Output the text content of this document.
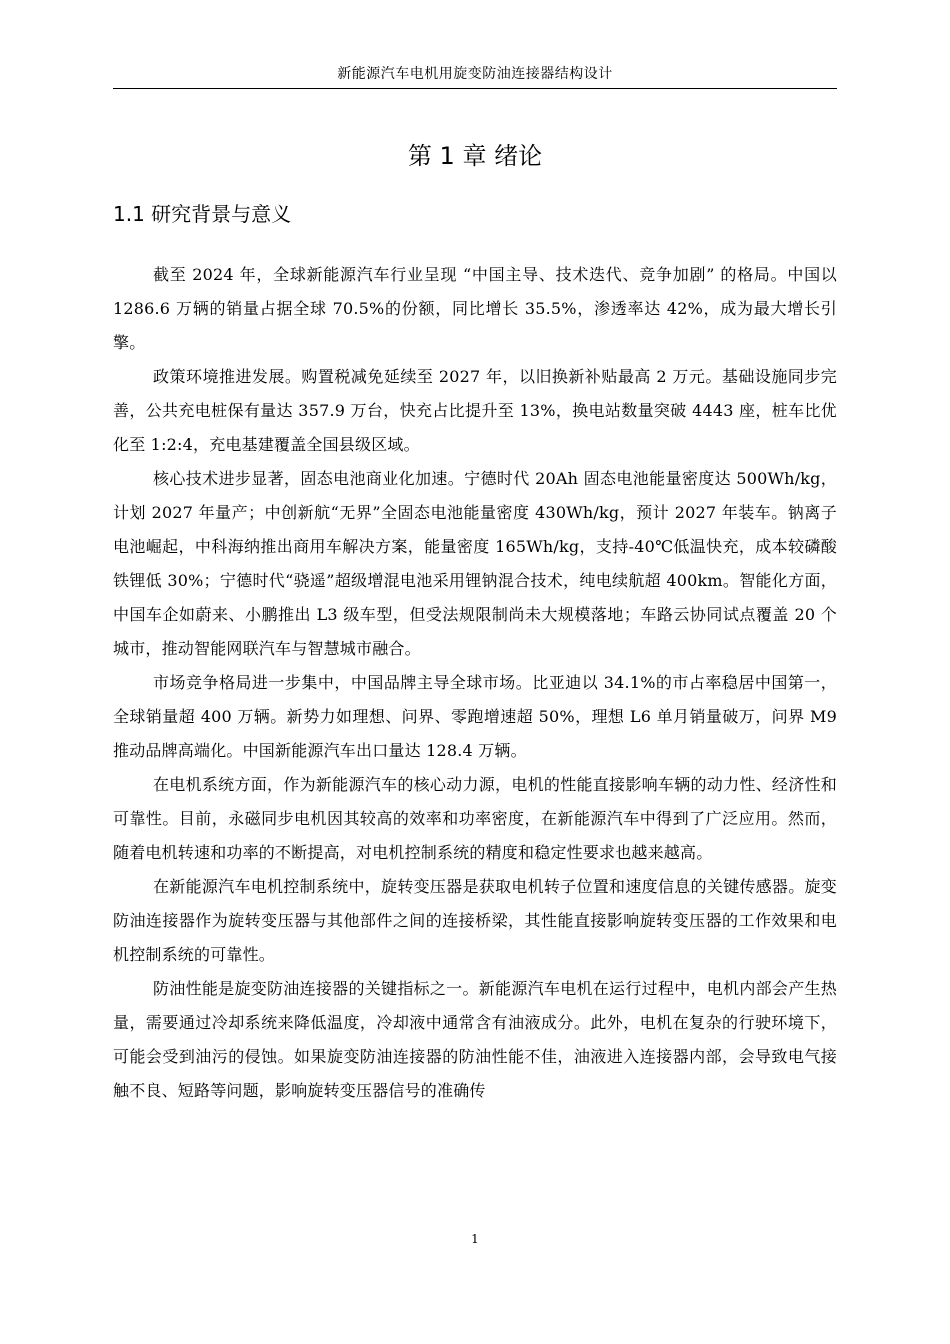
新能源汽车电机用旋变防油连接器结构设计
第 1 章 绪论
1.1 研究背景与意义

截至 2024 年，全球新能源汽车行业呈现 “中国主导、技术迭代、竞争加剧” 的格局。中国以 1286.6 万辆的销量占据全球 70.5%的份额，同比增长 35.5%，渗透率达 42%，成为最大增长引擎。

政策环境推进发展。购置税减免延续至 2027 年，以旧换新补贴最高 2 万元。基础设施同步完善，公共充电桩保有量达 357.9 万台，快充占比提升至 13%，换电站数量突破 4443 座，桩车比优化至 1:2:4，充电基建覆盖全国县级区域。

核心技术进步显著，固态电池商业化加速。宁德时代 20Ah 固态电池能量密度达 500Wh/kg，计划 2027 年量产；中创新航“无界”全固态电池能量密度 430Wh/kg，预计 2027 年装车。钠离子电池崛起，中科海纳推出商用车解决方案，能量密度 165Wh/kg，支持-40℃低温快充，成本较磷酸铁锂低 30%；宁德时代“骁遥”超级增混电池采用锂钠混合技术，纯电续航超 400km。智能化方面，中国车企如蔚来、小鹏推出 L3 级车型，但受法规限制尚未大规模落地；车路云协同试点覆盖 20 个城市，推动智能网联汽车与智慧城市融合。

市场竞争格局进一步集中，中国品牌主导全球市场。比亚迪以 34.1%的市占率稳居中国第一，全球销量超 400 万辆。新势力如理想、问界、零跑增速超 50%，理想 L6 单月销量破万，问界 M9 推动品牌高端化。中国新能源汽车出口量达 128.4 万辆。

在电机系统方面，作为新能源汽车的核心动力源，电机的性能直接影响车辆的动力性、经济性和可靠性。目前，永磁同步电机因其较高的效率和功率密度，在新能源汽车中得到了广泛应用。然而，随着电机转速和功率的不断提高，对电机控制系统的精度和稳定性要求也越来越高。

在新能源汽车电机控制系统中，旋转变压器是获取电机转子位置和速度信息的关键传感器。旋变防油连接器作为旋转变压器与其他部件之间的连接桥梁，其性能直接影响旋转变压器的工作效果和电机控制系统的可靠性。

防油性能是旋变防油连接器的关键指标之一。新能源汽车电机在运行过程中，电机内部会产生热量，需要通过冷却系统来降低温度，冷却液中通常含有油液成分。此外，电机在复杂的行驶环境下，可能会受到油污的侵蚀。如果旋变防油连接器的防油性能不佳，油液进入连接器内部，会导致电气接触不良、短路等问题，影响旋转变压器信号的准确传

1
